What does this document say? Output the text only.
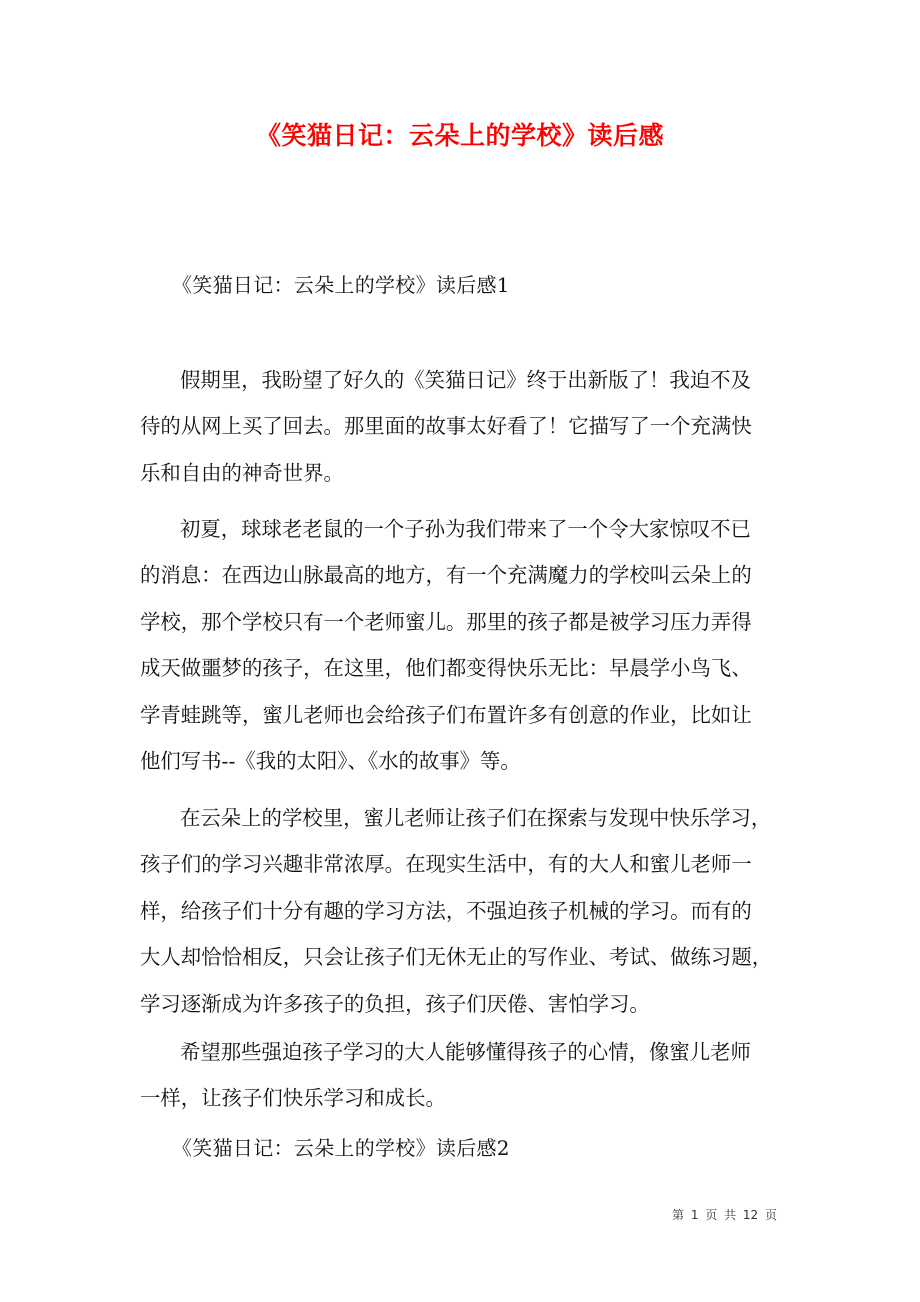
《笑猫日记：云朵上的学校》读后感
《笑猫日记：云朵上的学校》读后感1
假期里，我盼望了好久的《笑猫日记》终于出新版了！我迫不及
待的从网上买了回去。那里面的故事太好看了！它描写了一个充满快
乐和自由的神奇世界。
初夏，球球老老鼠的一个子孙为我们带来了一个令大家惊叹不已
的消息：在西边山脉最高的地方，有一个充满魔力的学校叫云朵上的
学校，那个学校只有一个老师蜜儿。那里的孩子都是被学习压力弄得
成天做噩梦的孩子，在这里，他们都变得快乐无比：早晨学小鸟飞、
学青蛙跳等，蜜儿老师也会给孩子们布置许多有创意的作业，比如让
他们写书--《我的太阳》、《水的故事》等。
在云朵上的学校里，蜜儿老师让孩子们在探索与发现中快乐学习，
孩子们的学习兴趣非常浓厚。在现实生活中，有的大人和蜜儿老师一
样，给孩子们十分有趣的学习方法，不强迫孩子机械的学习。而有的
大人却恰恰相反，只会让孩子们无休无止的写作业、考试、做练习题，
学习逐渐成为许多孩子的负担，孩子们厌倦、害怕学习。
希望那些强迫孩子学习的大人能够懂得孩子的心情，像蜜儿老师
一样，让孩子们快乐学习和成长。
《笑猫日记：云朵上的学校》读后感2
第 1 页 共 12 页
